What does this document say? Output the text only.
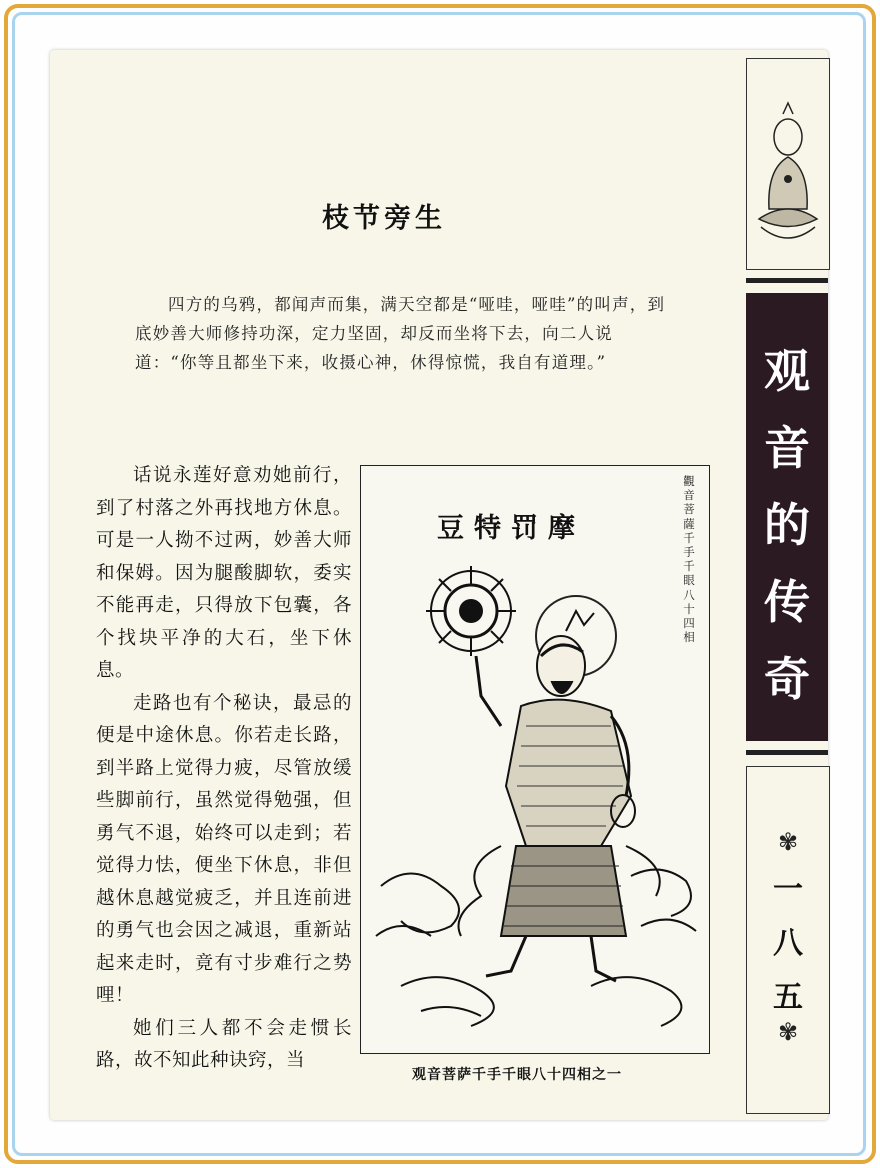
枝节旁生

四方的乌鸦，都闻声而集，满天空都是“哑哇，哑哇”的叫声，到底妙善大师修持功深，定力坚固，却反而坐将下去，向二人说道：“你等且都坐下来，收摄心神，休得惊慌，我自有道理。”

话说永莲好意劝她前行，到了村落之外再找地方休息。可是一人拗不过两，妙善大师和保姆。因为腿酸脚软，委实不能再走，只得放下包囊，各个找块平净的大石，坐下休息。

走路也有个秘诀，最忌的便是中途休息。你若走长路，到半路上觉得力疲，尽管放缓些脚前行，虽然觉得勉强，但勇气不退，始终可以走到；若觉得力怯，便坐下休息，非但越休息越觉疲乏，并且连前进的勇气也会因之减退，重新站起来走时，竟有寸步难行之势哩！

她们三人都不会走惯长路，故不知此种诀窍，当

豆特罚摩
觀
音
菩
薩
千
手
千
眼
八
十
四
相
观音菩萨千手千眼八十四相之一
观
音
的
传
奇
✾
一
八
五
✾
